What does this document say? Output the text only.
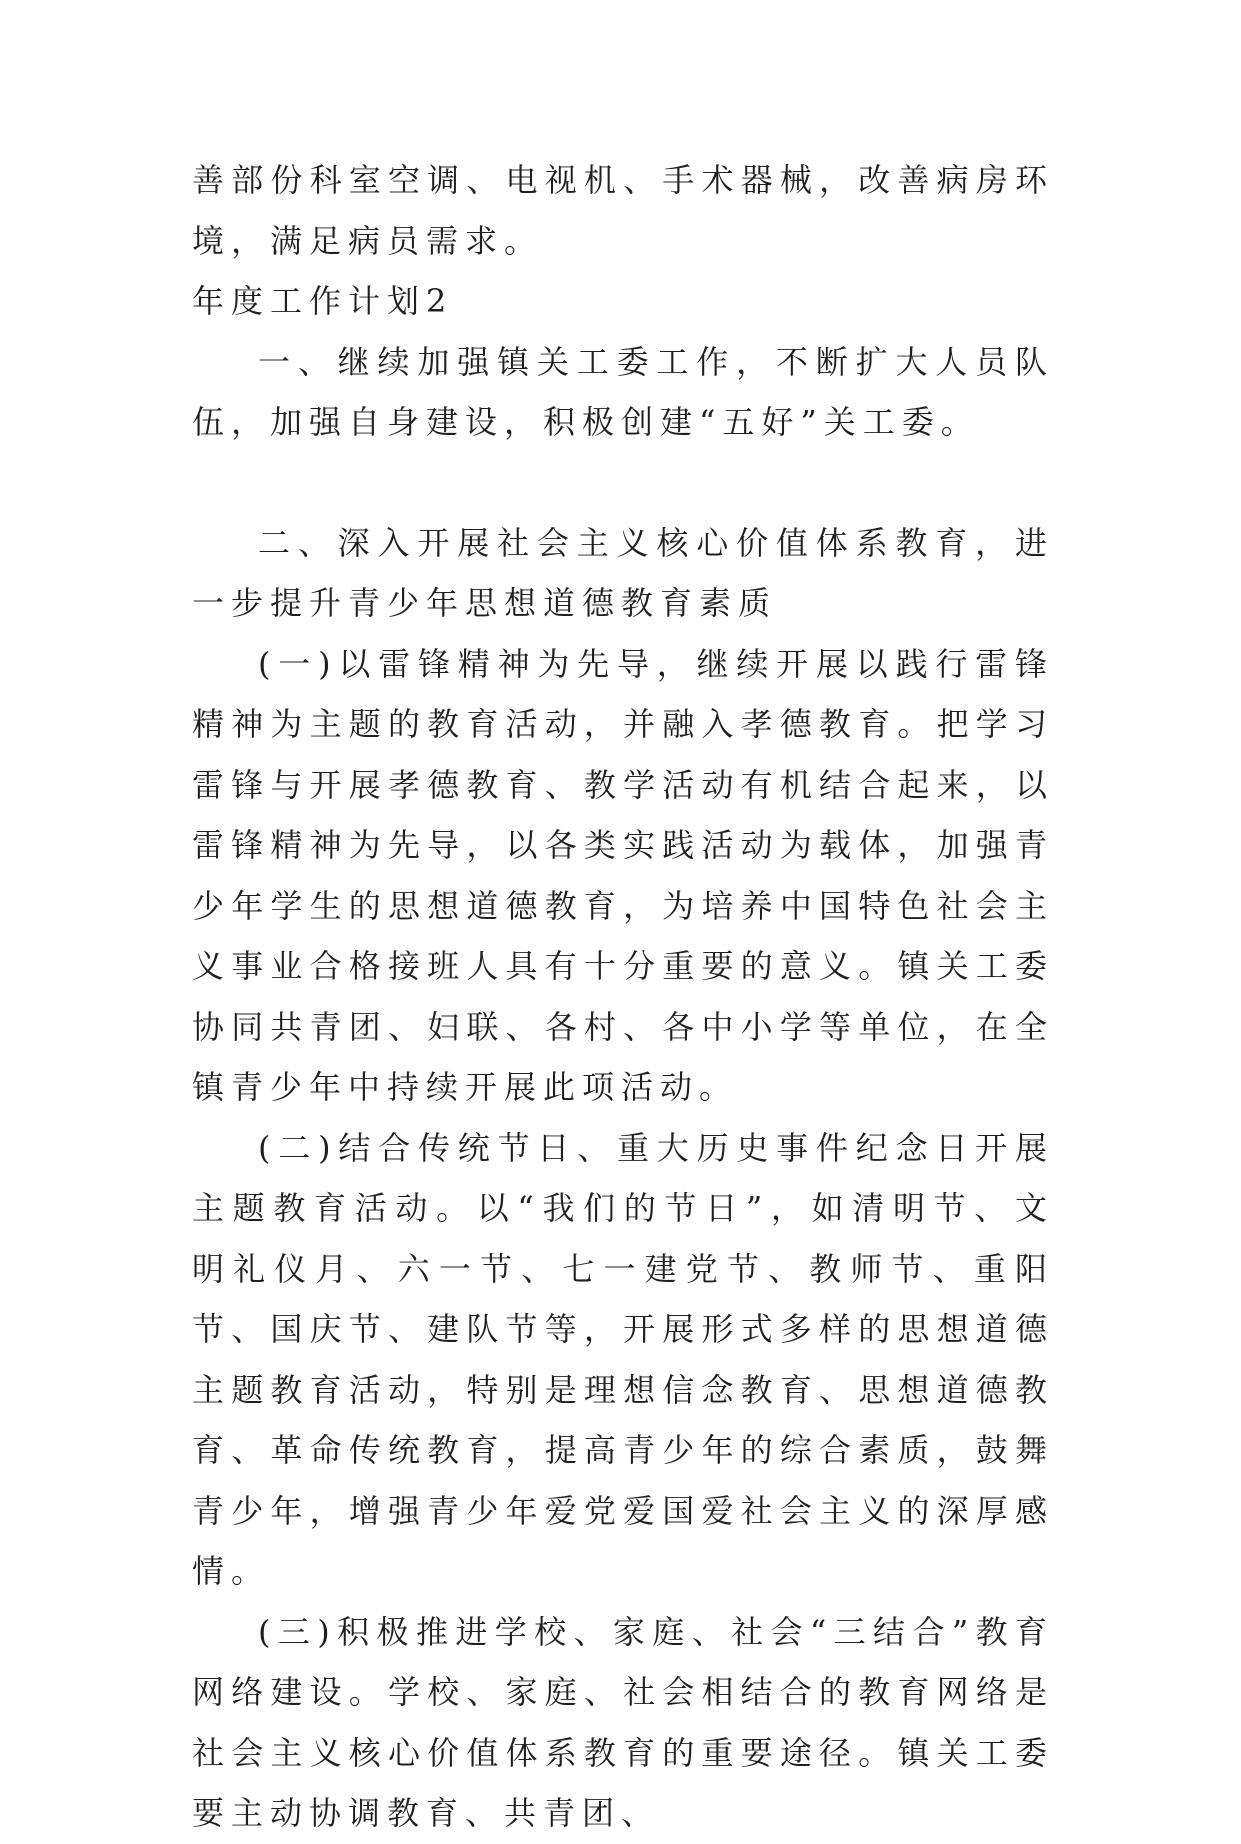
善部份科室空调、电视机、手术器械，改善病房环境，满足病员需求。

年度工作计划2

一、继续加强镇关工委工作，不断扩大人员队伍，加强自身建设，积极创建“五好”关工委。

二、深入开展社会主义核心价值体系教育，进一步提升青少年思想道德教育素质

(一)以雷锋精神为先导，继续开展以践行雷锋精神为主题的教育活动，并融入孝德教育。把学习雷锋与开展孝德教育、教学活动有机结合起来，以雷锋精神为先导，以各类实践活动为载体，加强青少年学生的思想道德教育，为培养中国特色社会主义事业合格接班人具有十分重要的意义。镇关工委协同共青团、妇联、各村、各中小学等单位，在全镇青少年中持续开展此项活动。

(二)结合传统节日、重大历史事件纪念日开展主题教育活动。以“我们的节日”，如清明节、文明礼仪月、六一节、七一建党节、教师节、重阳节、国庆节、建队节等，开展形式多样的思想道德主题教育活动，特别是理想信念教育、思想道德教育、革命传统教育，提高青少年的综合素质，鼓舞青少年，增强青少年爱党爱国爱社会主义的深厚感情。

(三)积极推进学校、家庭、社会“三结合”教育网络建设。学校、家庭、社会相结合的教育网络是社会主义核心价值体系教育的重要途径。镇关工委要主动协调教育、共青团、
